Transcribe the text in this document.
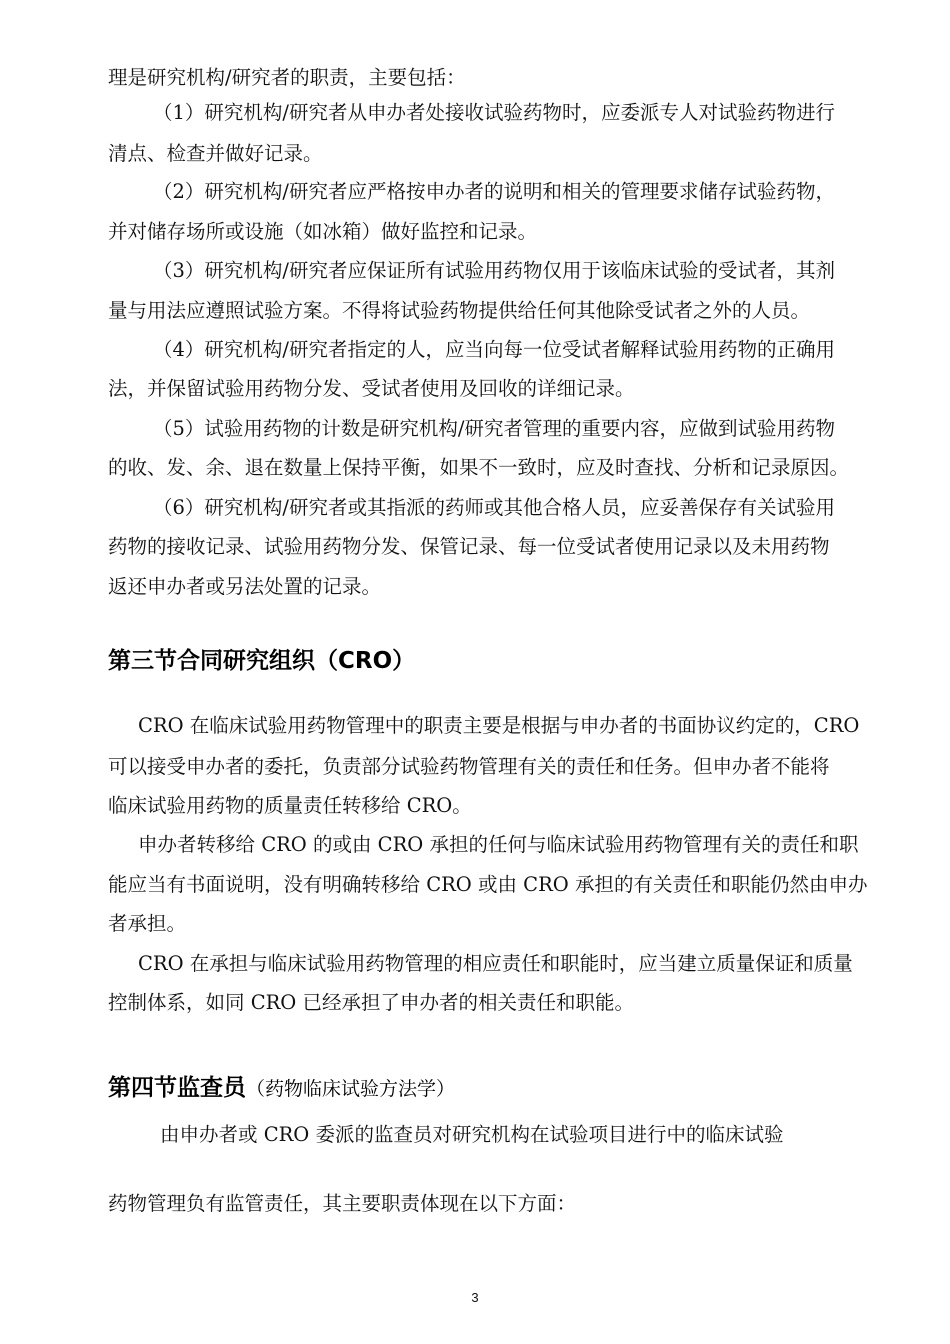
理是研究机构/研究者的职责，主要包括：
（1）研究机构/研究者从申办者处接收试验药物时，应委派专人对试验药物进行
清点、检查并做好记录。
（2）研究机构/研究者应严格按申办者的说明和相关的管理要求储存试验药物，
并对储存场所或设施（如冰箱）做好监控和记录。
（3）研究机构/研究者应保证所有试验用药物仅用于该临床试验的受试者，其剂
量与用法应遵照试验方案。不得将试验药物提供给任何其他除受试者之外的人员。
（4）研究机构/研究者指定的人，应当向每一位受试者解释试验用药物的正确用
法，并保留试验用药物分发、受试者使用及回收的详细记录。
（5）试验用药物的计数是研究机构/研究者管理的重要内容，应做到试验用药物
的收、发、余、退在数量上保持平衡，如果不一致时，应及时查找、分析和记录原因。
（6）研究机构/研究者或其指派的药师或其他合格人员，应妥善保存有关试验用
药物的接收记录、试验用药物分发、保管记录、每一位受试者使用记录以及未用药物
返还申办者或另法处置的记录。
第三节合同研究组织（CRO）
CRO 在临床试验用药物管理中的职责主要是根据与申办者的书面协议约定的，CRO
可以接受申办者的委托，负责部分试验药物管理有关的责任和任务。但申办者不能将
临床试验用药物的质量责任转移给 CRO。
申办者转移给 CRO 的或由 CRO 承担的任何与临床试验用药物管理有关的责任和职
能应当有书面说明，没有明确转移给 CRO 或由 CRO 承担的有关责任和职能仍然由申办
者承担。
CRO 在承担与临床试验用药物管理的相应责任和职能时，应当建立质量保证和质量
控制体系，如同 CRO 已经承担了申办者的相关责任和职能。
第四节监查员（药物临床试验方法学）
由申办者或 CRO 委派的监查员对研究机构在试验项目进行中的临床试验
药物管理负有监管责任，其主要职责体现在以下方面：
3
